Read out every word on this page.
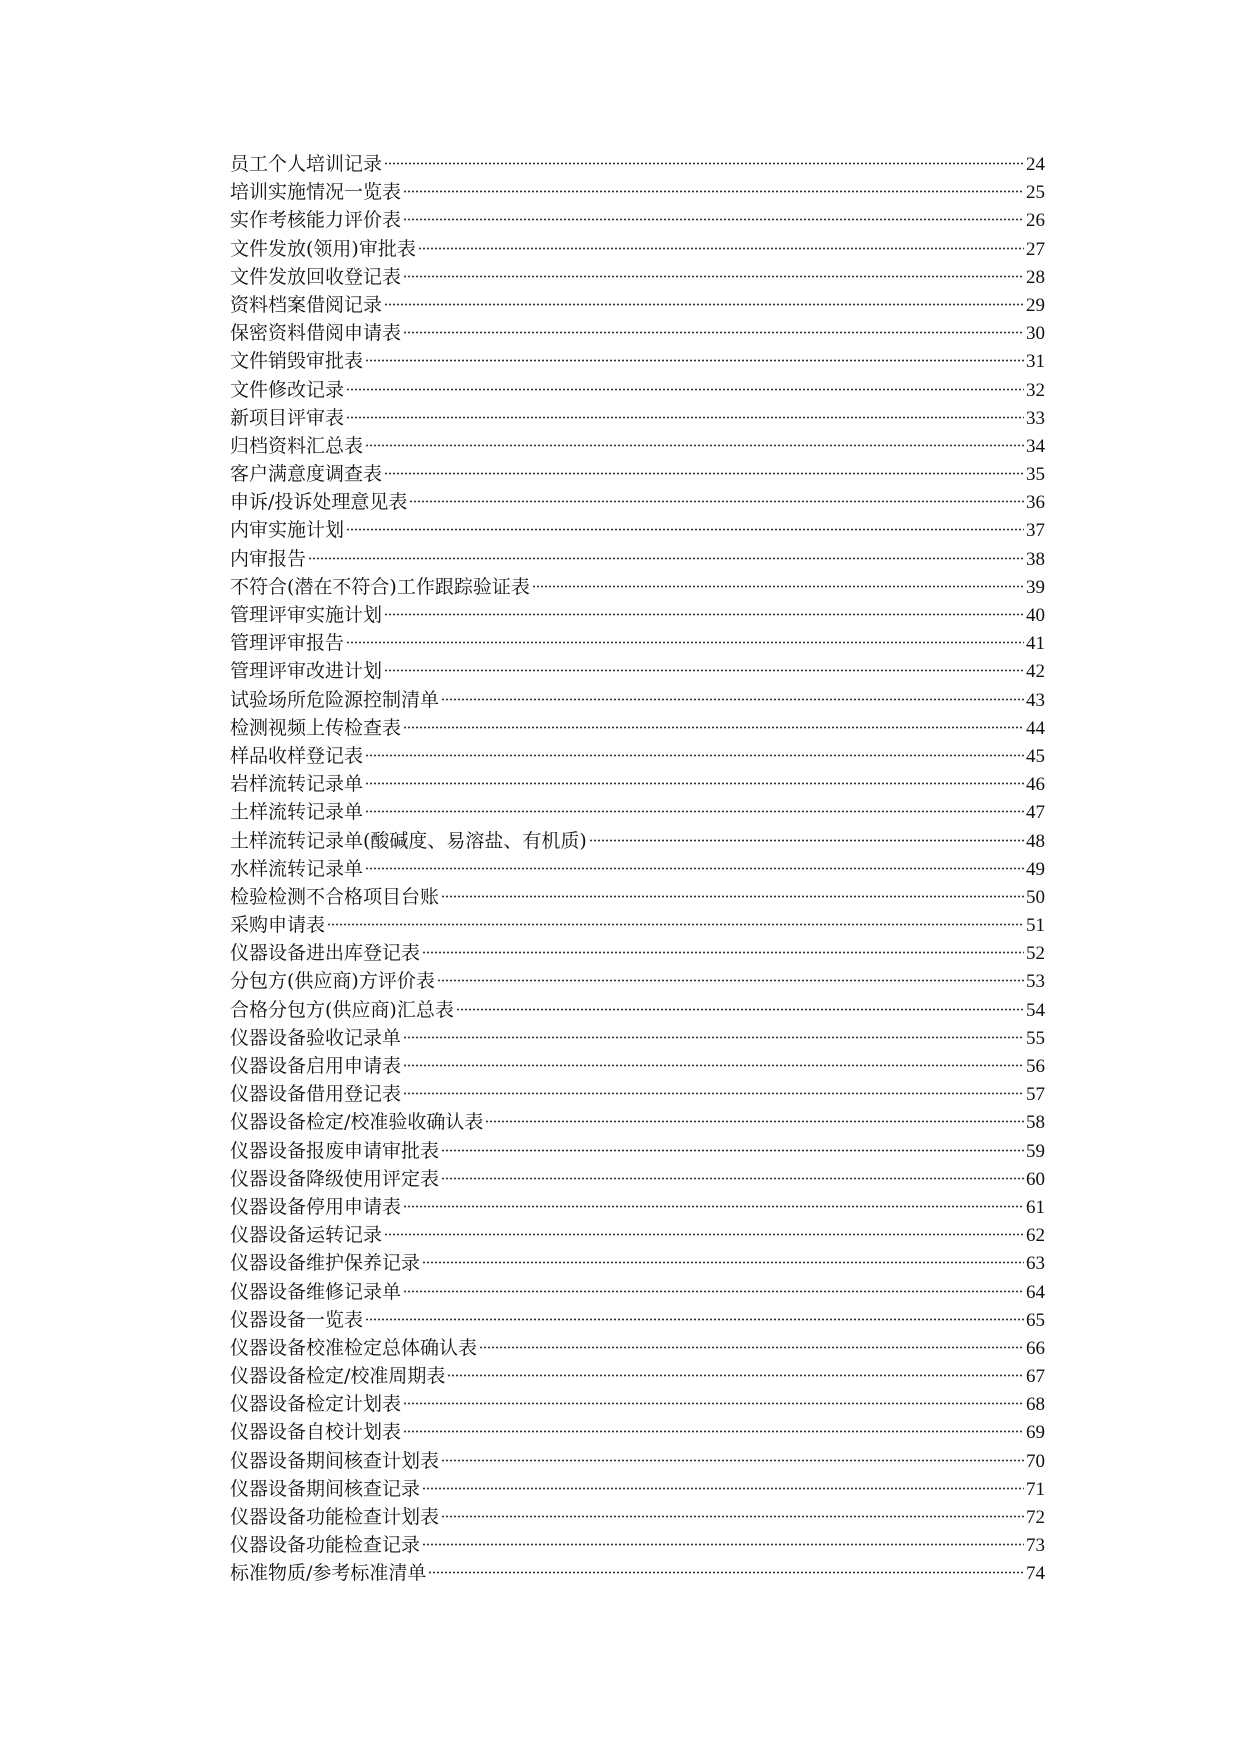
员工个人培训记录	24
培训实施情况一览表	25
实作考核能力评价表	26
文件发放(领用)审批表	27
文件发放回收登记表	28
资料档案借阅记录	29
保密资料借阅申请表	30
文件销毁审批表	31
文件修改记录	32
新项目评审表	33
归档资料汇总表	34
客户满意度调查表	35
申诉/投诉处理意见表	36
内审实施计划	37
内审报告	38
不符合(潜在不符合)工作跟踪验证表	39
管理评审实施计划	40
管理评审报告	41
管理评审改进计划	42
试验场所危险源控制清单	43
检测视频上传检查表	44
样品收样登记表	45
岩样流转记录单	46
土样流转记录单	47
土样流转记录单(酸碱度、易溶盐、有机质)	48
水样流转记录单	49
检验检测不合格项目台账	50
采购申请表	51
仪器设备进出库登记表	52
分包方(供应商)方评价表	53
合格分包方(供应商)汇总表	54
仪器设备验收记录单	55
仪器设备启用申请表	56
仪器设备借用登记表	57
仪器设备检定/校准验收确认表	58
仪器设备报废申请审批表	59
仪器设备降级使用评定表	60
仪器设备停用申请表	61
仪器设备运转记录	62
仪器设备维护保养记录	63
仪器设备维修记录单	64
仪器设备一览表	65
仪器设备校准检定总体确认表	66
仪器设备检定/校准周期表	67
仪器设备检定计划表	68
仪器设备自校计划表	69
仪器设备期间核查计划表	70
仪器设备期间核查记录	71
仪器设备功能检查计划表	72
仪器设备功能检查记录	73
标准物质/参考标准清单	74
